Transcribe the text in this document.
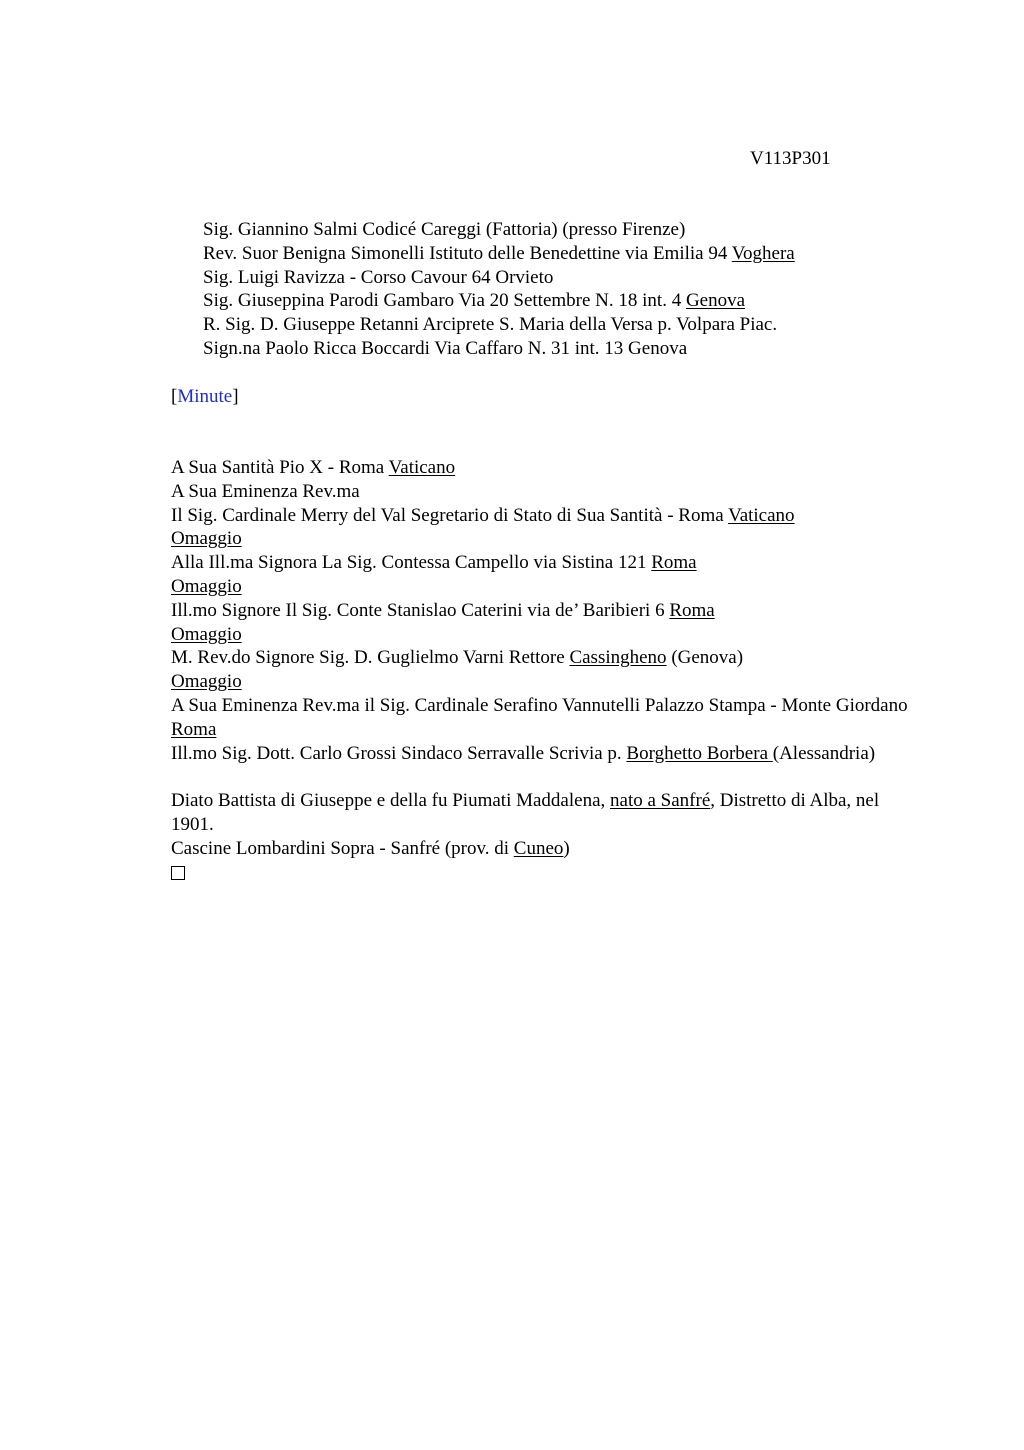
V113P301
Sig. Giannino Salmi Codicé Careggi (Fattoria) (presso Firenze)
Rev. Suor Benigna Simonelli Istituto delle Benedettine via Emilia 94 Voghera
Sig. Luigi Ravizza - Corso Cavour 64 Orvieto
Sig. Giuseppina Parodi Gambaro Via 20 Settembre N. 18 int. 4 Genova
R. Sig. D. Giuseppe Retanni Arciprete S. Maria della Versa p. Volpara Piac.
Sign.na Paolo Ricca Boccardi Via Caffaro N. 31 int. 13 Genova
[Minute]
A Sua Santità Pio X - Roma Vaticano
A Sua Eminenza Rev.ma
Il Sig. Cardinale Merry del Val Segretario di Stato di Sua Santità - Roma Vaticano
Omaggio
Alla Ill.ma Signora La Sig. Contessa Campello via Sistina 121 Roma
Omaggio
Ill.mo Signore Il Sig. Conte Stanislao Caterini via de’ Baribieri 6 Roma
Omaggio
M. Rev.do Signore Sig. D. Guglielmo Varni Rettore Cassingheno (Genova)
Omaggio
A Sua Eminenza Rev.ma il Sig. Cardinale Serafino Vannutelli Palazzo Stampa - Monte Giordano Roma
Ill.mo Sig. Dott. Carlo Grossi Sindaco Serravalle Scrivia p. Borghetto Borbera (Alessandria)
Diato Battista di Giuseppe e della fu Piumati Maddalena, nato a Sanfré, Distretto di Alba, nel 1901.
Cascine Lombardini Sopra - Sanfré (prov. di Cuneo)
